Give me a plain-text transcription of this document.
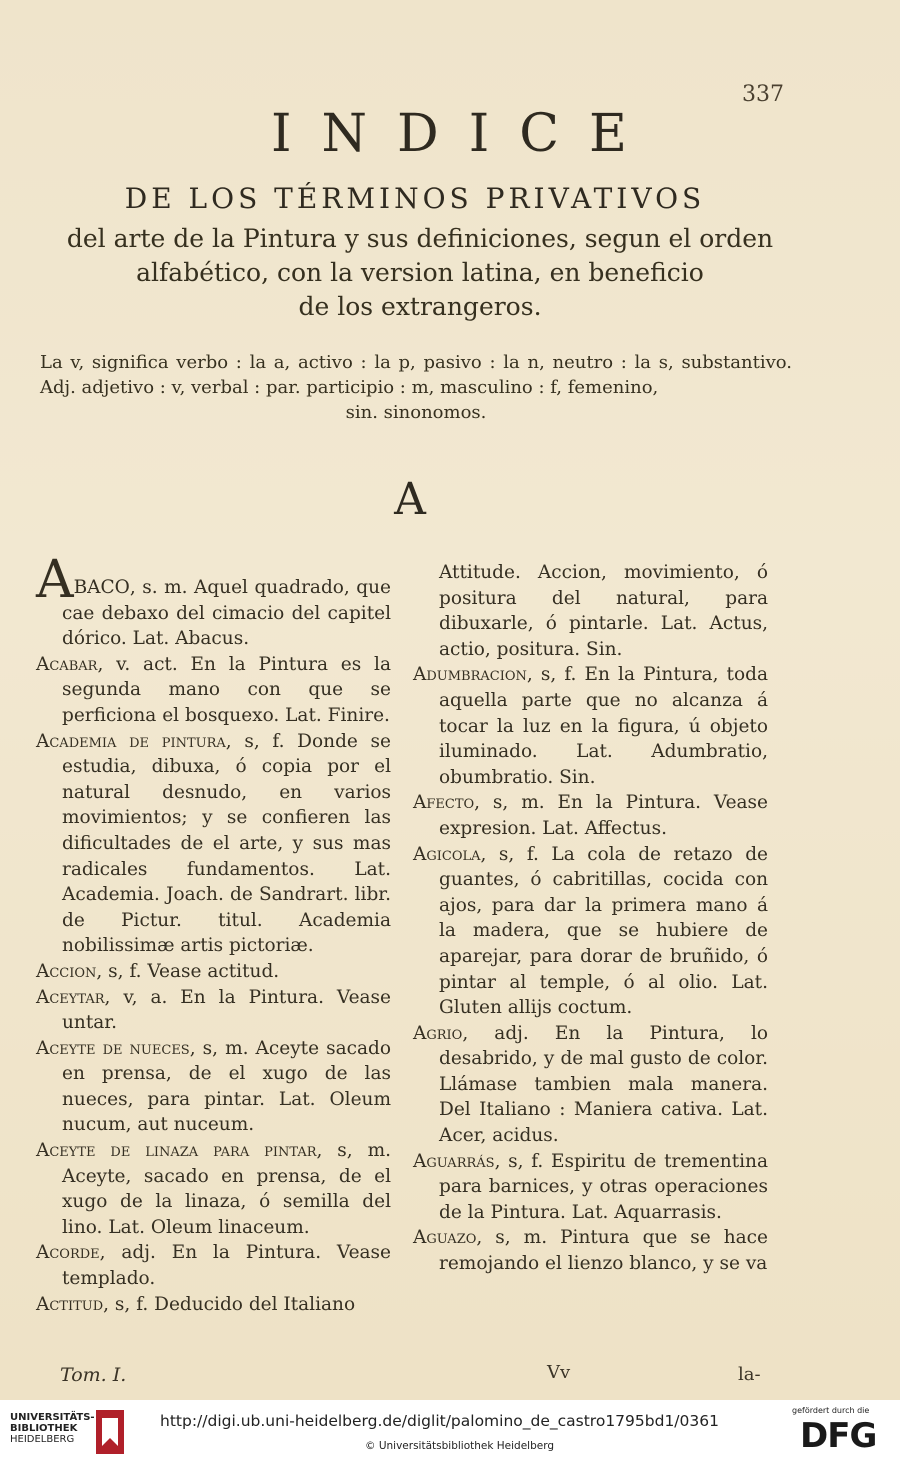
337
INDICE
DE LOS TÉRMINOS PRIVATIVOS
del arte de la Pintura y sus definiciones, segun el orden
alfabético, con la version latina, en beneficio
de los extrangeros.
La v, significa verbo : la a, activo : la p, pasivo : la n, neutro : la s, substantivo. Adj. adjetivo : v, verbal : par. participio : m, masculino : f, femenino,
sin. sinonomos.
A

ABACO, s. m. Aquel quadrado, que cae debaxo del cimacio del capitel dórico. Lat. Abacus.

Acabar, v. act. En la Pintura es la segunda mano con que se perficiona el bosquexo. Lat. Finire.

Academia de pintura, s, f. Donde se estudia, dibuxa, ó copia por el natural desnudo, en varios movimientos; y se confieren las dificultades de el arte, y sus mas radicales fundamentos. Lat. Academia. Joach. de Sandrart. libr. de Pictur. titul. Academia nobilissimæ artis pictoriæ.

Accion, s, f. Vease actitud.

Aceytar, v, a. En la Pintura. Vease untar.

Aceyte de nueces, s, m. Aceyte sacado en prensa, de el xugo de las nueces, para pintar. Lat. Oleum nucum, aut nuceum.

Aceyte de linaza para pintar, s, m. Aceyte, sacado en prensa, de el xugo de la linaza, ó semilla del lino. Lat. Oleum linaceum.

Acorde, adj. En la Pintura. Vease templado.

Actitud, s, f. Deducido del Italiano

Attitude. Accion, movimiento, ó positura del natural, para dibuxarle, ó pintarle. Lat. Actus, actio, positura. Sin.

Adumbracion, s, f. En la Pintura, toda aquella parte que no alcanza á tocar la luz en la figura, ú objeto iluminado. Lat. Adumbratio, obumbratio. Sin.

Afecto, s, m. En la Pintura. Vease expresion. Lat. Affectus.

Agicola, s, f. La cola de retazo de guantes, ó cabritillas, cocida con ajos, para dar la primera mano á la madera, que se hubiere de aparejar, para dorar de bruñido, ó pintar al temple, ó al olio. Lat. Gluten allijs coctum.

Agrio, adj. En la Pintura, lo desabrido, y de mal gusto de color. Llámase tambien mala manera. Del Italiano : Maniera cativa. Lat. Acer, acidus.

Aguarrás, s, f. Espiritu de trementina para barnices, y otras operaciones de la Pintura. Lat. Aquarrasis.

Aguazo, s, m. Pintura que se hace remojando el lienzo blanco, y se va

Tom. I.	Vv	la-
UNIVERSITÄTS-
BIBLIOTHEK
HEIDELBERG
http://digi.ub.uni-heidelberg.de/diglit/palomino_de_castro1795bd1/0361
© Universitätsbibliothek Heidelberg
gefördert durch die
DFG
